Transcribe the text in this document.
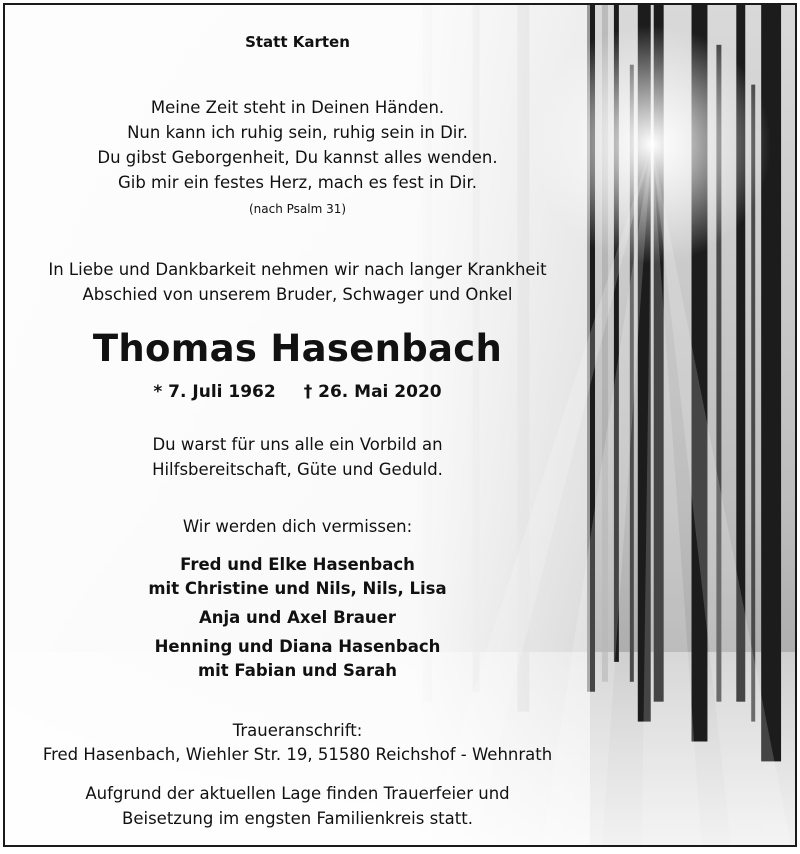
Statt Karten

Meine Zeit steht in Deinen Händen.

Nun kann ich ruhig sein, ruhig sein in Dir.

Du gibst Geborgenheit, Du kannst alles wenden.

Gib mir ein festes Herz, mach es fest in Dir.

(nach Psalm 31)

In Liebe und Dankbarkeit nehmen wir nach langer Krankheit

Abschied von unserem Bruder, Schwager und Onkel

Thomas Hasenbach

* 7. Juli 1962 † 26. Mai 2020

Du warst für uns alle ein Vorbild an

Hilfsbereitschaft, Güte und Geduld.

Wir werden dich vermissen:

Fred und Elke Hasenbach

mit Christine und Nils, Nils, Lisa

Anja und Axel Brauer

Henning und Diana Hasenbach

mit Fabian und Sarah

Traueranschrift:

Fred Hasenbach, Wiehler Str. 19, 51580 Reichshof - Wehnrath

Aufgrund der aktuellen Lage finden Trauerfeier und

Beisetzung im engsten Familienkreis statt.
